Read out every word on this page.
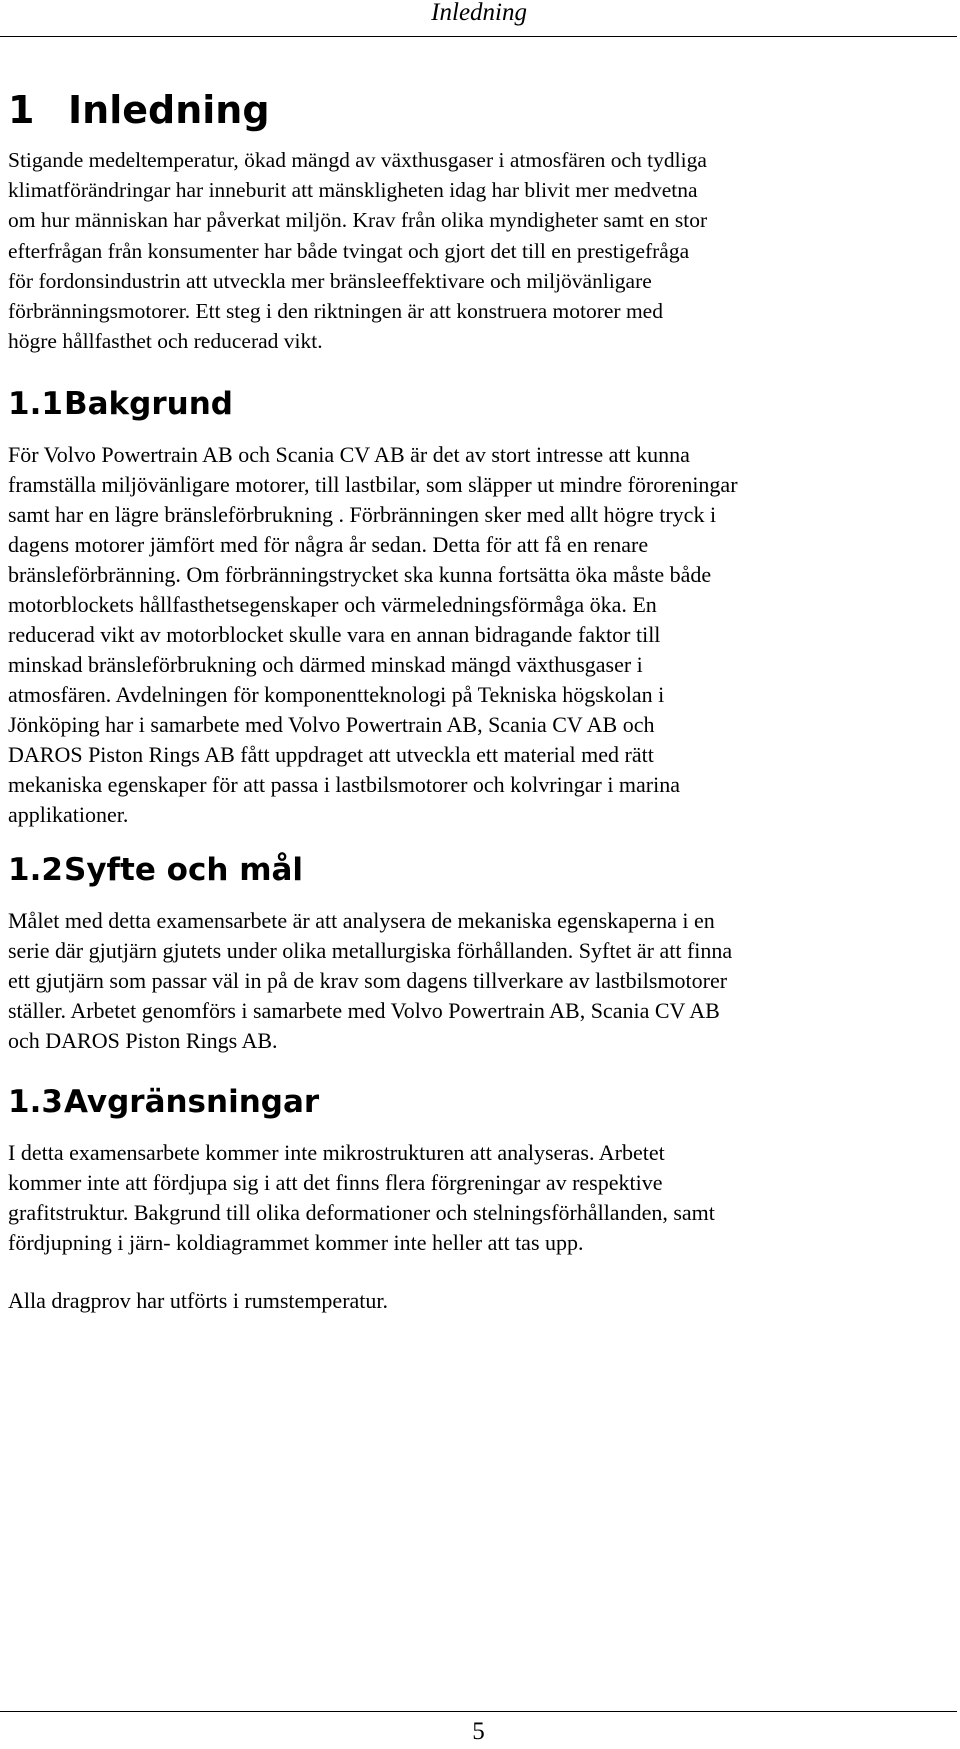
Inledning
1 Inledning

Stigande medeltemperatur, ökad mängd av växthusgaser i atmosfären och tydliga
klimatförändringar har inneburit att mänskligheten idag har blivit mer medvetna
om hur människan har påverkat miljön. Krav från olika myndigheter samt en stor
efterfrågan från konsumenter har både tvingat och gjort det till en prestigefråga
för fordonsindustrin att utveckla mer bränsleeffektivare och miljövänligare
förbränningsmotorer. Ett steg i den riktningen är att konstruera motorer med
högre hållfasthet och reducerad vikt.

1.1Bakgrund

För Volvo Powertrain AB och Scania CV AB är det av stort intresse att kunna
framställa miljövänligare motorer, till lastbilar, som släpper ut mindre föroreningar
samt har en lägre bränsleförbrukning . Förbränningen sker med allt högre tryck i
dagens motorer jämfört med för några år sedan. Detta för att få en renare
bränsleförbränning. Om förbränningstrycket ska kunna fortsätta öka måste både
motorblockets hållfasthetsegenskaper och värmeledningsförmåga öka. En
reducerad vikt av motorblocket skulle vara en annan bidragande faktor till
minskad bränsleförbrukning och därmed minskad mängd växthusgaser i
atmosfären. Avdelningen för komponentteknologi på Tekniska högskolan i
Jönköping har i samarbete med Volvo Powertrain AB, Scania CV AB och
DAROS Piston Rings AB fått uppdraget att utveckla ett material med rätt
mekaniska egenskaper för att passa i lastbilsmotorer och kolvringar i marina
applikationer.

1.2Syfte och mål

Målet med detta examensarbete är att analysera de mekaniska egenskaperna i en
serie där gjutjärn gjutets under olika metallurgiska förhållanden. Syftet är att finna
ett gjutjärn som passar väl in på de krav som dagens tillverkare av lastbilsmotorer
ställer. Arbetet genomförs i samarbete med Volvo Powertrain AB, Scania CV AB
och DAROS Piston Rings AB.

1.3Avgränsningar

I detta examensarbete kommer inte mikrostrukturen att analyseras. Arbetet
kommer inte att fördjupa sig i att det finns flera förgreningar av respektive
grafitstruktur. Bakgrund till olika deformationer och stelningsförhållanden, samt
fördjupning i järn- koldiagrammet kommer inte heller att tas upp.

Alla dragprov har utförts i rumstemperatur.

5
